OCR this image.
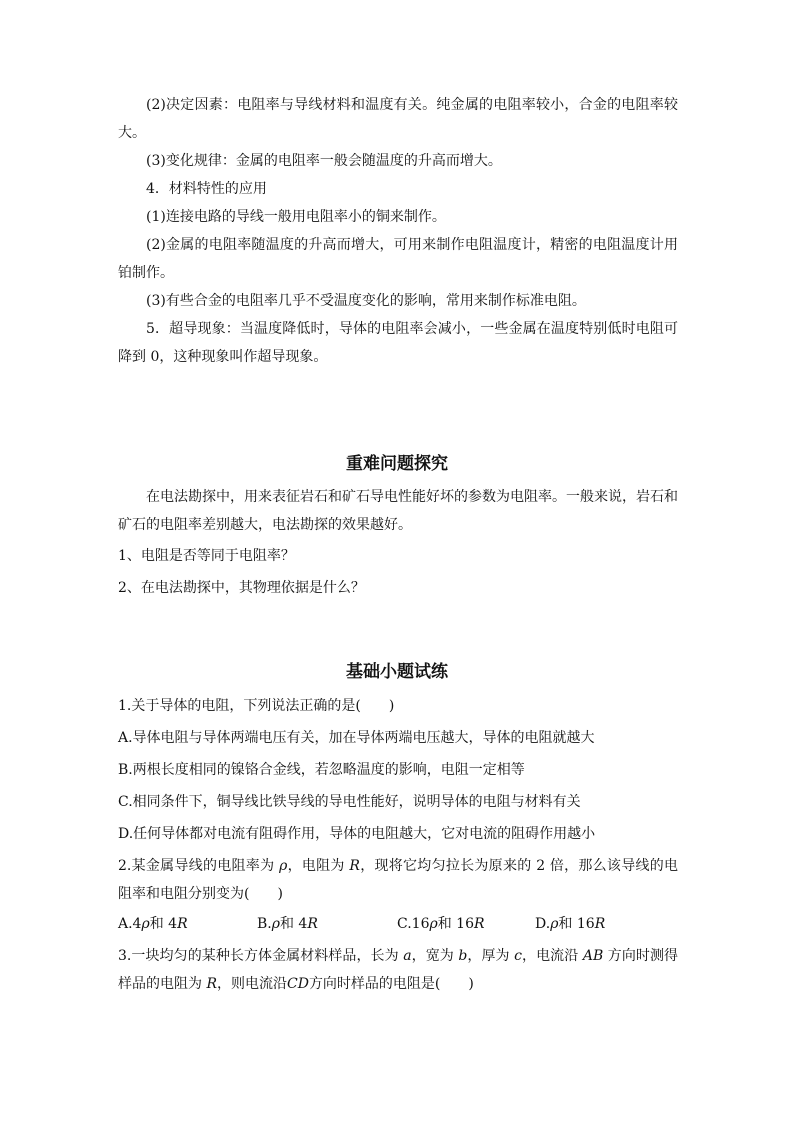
(2)决定因素：电阻率与导线材料和温度有关。纯金属的电阻率较小，合金的电阻率较大。

(3)变化规律：金属的电阻率一般会随温度的升高而增大。

4．材料特性的应用

(1)连接电路的导线一般用电阻率小的铜来制作。

(2)金属的电阻率随温度的升高而增大，可用来制作电阻温度计，精密的电阻温度计用铂制作。

(3)有些合金的电阻率几乎不受温度变化的影响，常用来制作标准电阻。

5．超导现象：当温度降低时，导体的电阻率会减小，一些金属在温度特别低时电阻可降到 0，这种现象叫作超导现象。

重难问题探究

在电法勘探中，用来表征岩石和矿石导电性能好坏的参数为电阻率。一般来说，岩石和矿石的电阻率差别越大，电法勘探的效果越好。

1、电阻是否等同于电阻率？

2、在电法勘探中，其物理依据是什么？

基础小题试练

1.关于导体的电阻，下列说法正确的是(　　)

A.导体电阻与导体两端电压有关，加在导体两端电压越大，导体的电阻就越大

B.两根长度相同的镍铬合金线，若忽略温度的影响，电阻一定相等

C.相同条件下，铜导线比铁导线的导电性能好，说明导体的电阻与材料有关

D.任何导体都对电流有阻碍作用，导体的电阻越大，它对电流的阻碍作用越小

2.某金属导线的电阻率为 ρ，电阻为 R，现将它均匀拉长为原来的 2 倍，那么该导线的电阻率和电阻分别变为(　　)

A.4ρ和 4R	B.ρ和 4R	C.16ρ和 16R	D.ρ和 16R

3.一块均匀的某种长方体金属材料样品，长为 a，宽为 b，厚为 c，电流沿 AB 方向时测得样品的电阻为 R，则电流沿CD方向时样品的电阻是(　　)
